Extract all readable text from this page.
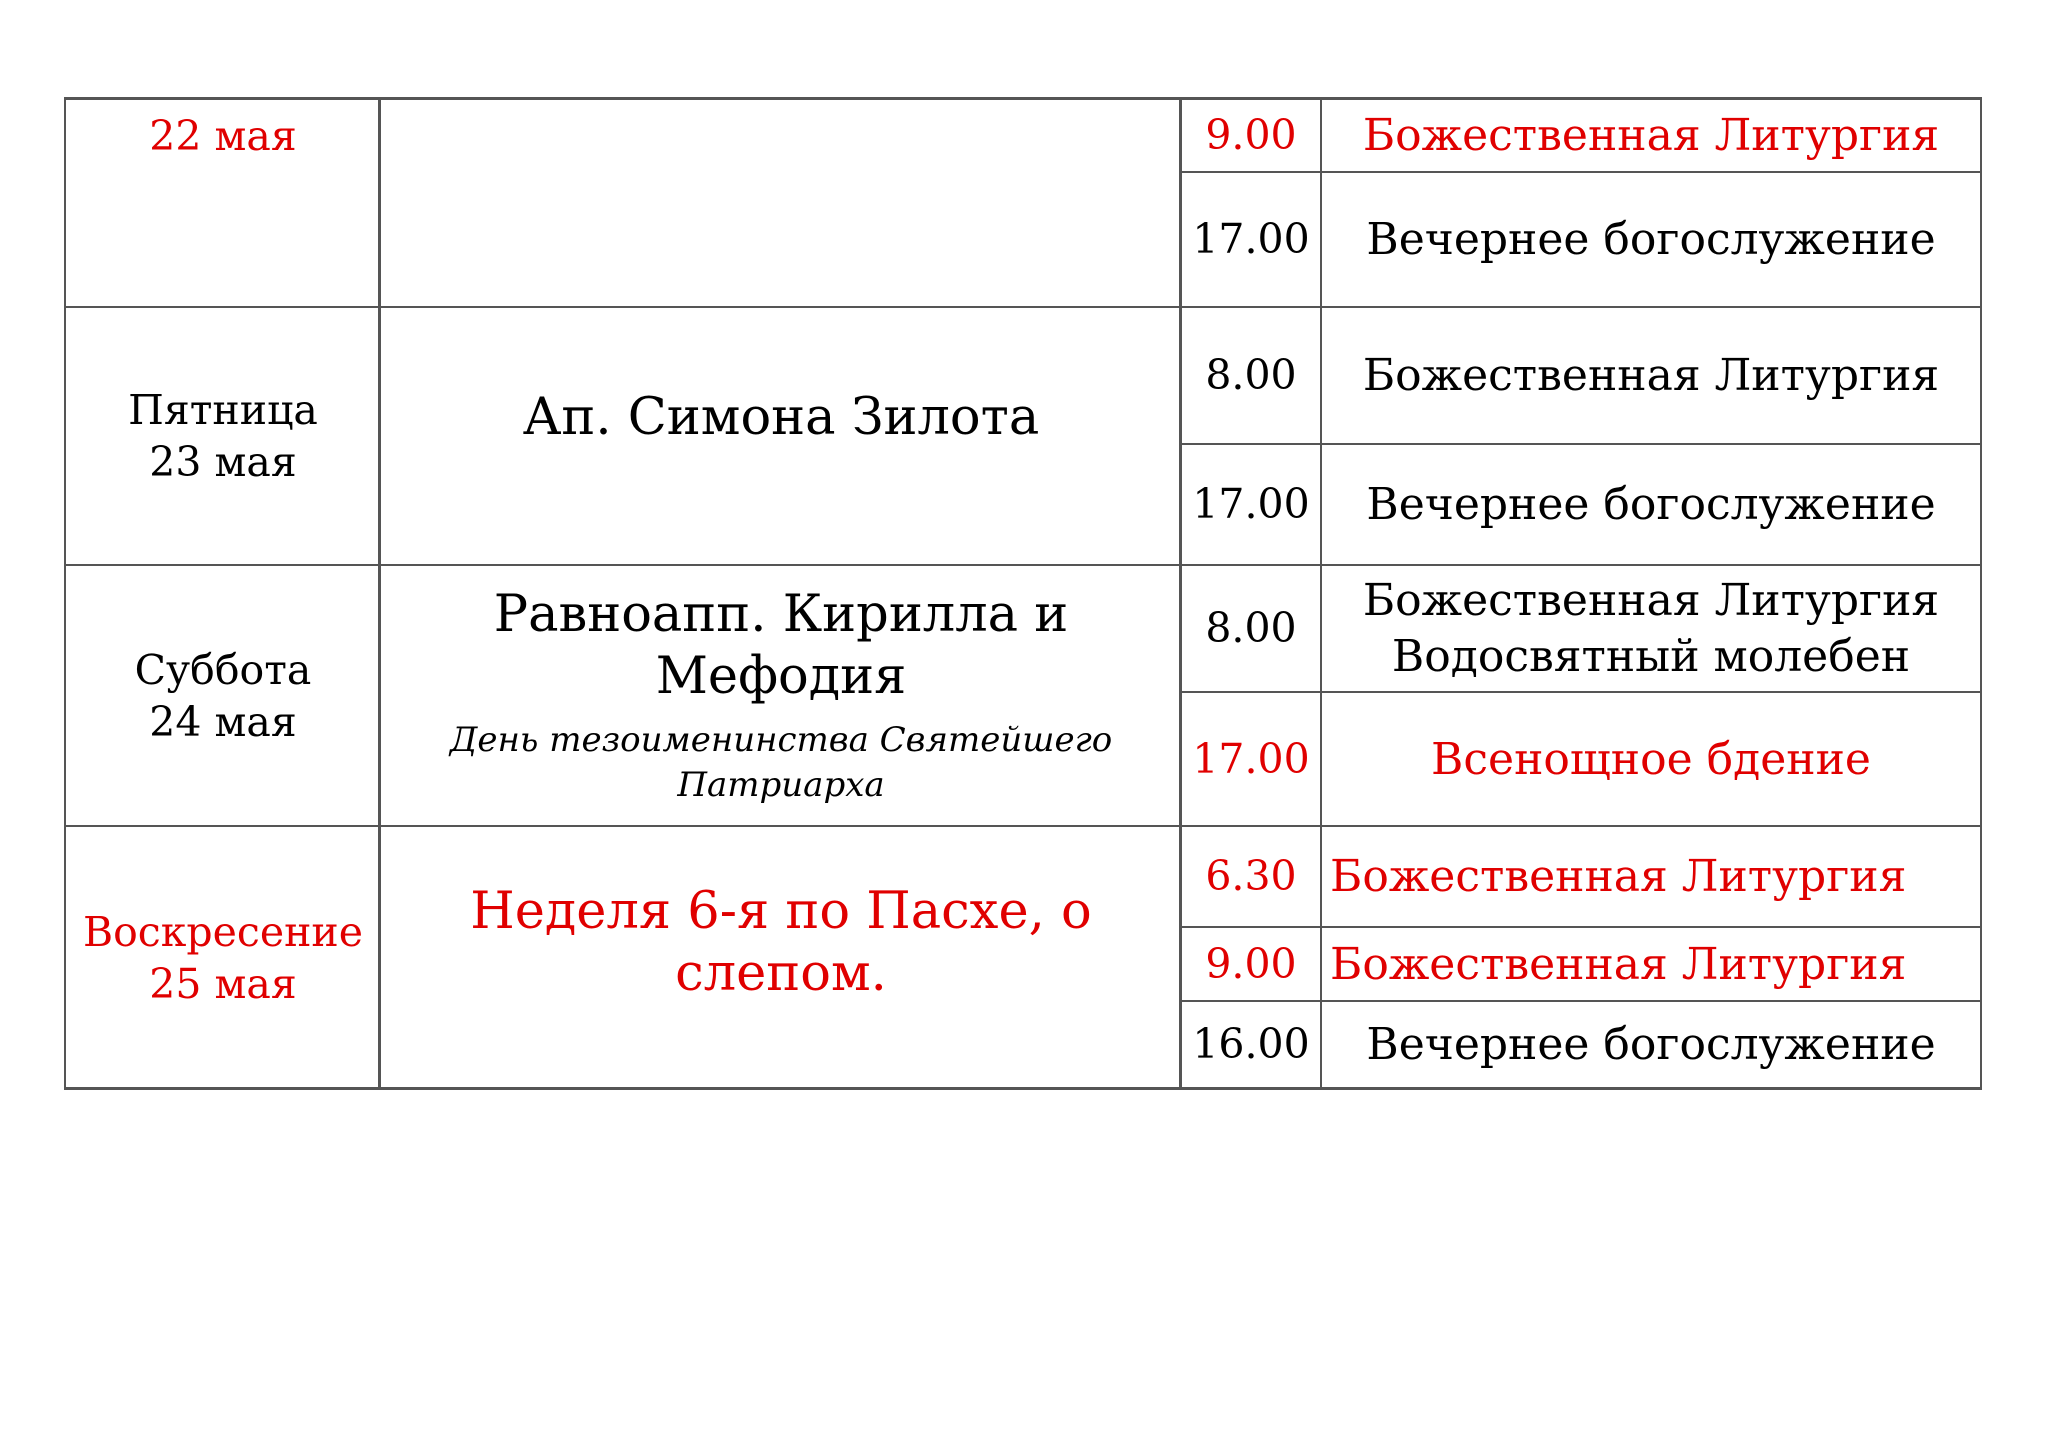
22 мая	9.00 Божественная Литургия
17.00 Вечернее богослужение
Пятница
23 мая
Ап. Симона Зилота
8.00 Божественная Литургия
17.00 Вечернее богослужение
Суббота
24 мая
Равноапп. Кирилла и
Мефодия
День тезоименинства Святейшего
Патриарха
8.00
Божественная Литургия
Водосвятный молебен
17.00	Всенощное бдение
Воскресение
25 мая
Неделя 6-я по Пасхе, о
слепом.
6.30 Божественная Литургия
9.00 Божественная Литургия
16.00 Вечернее богослужение
